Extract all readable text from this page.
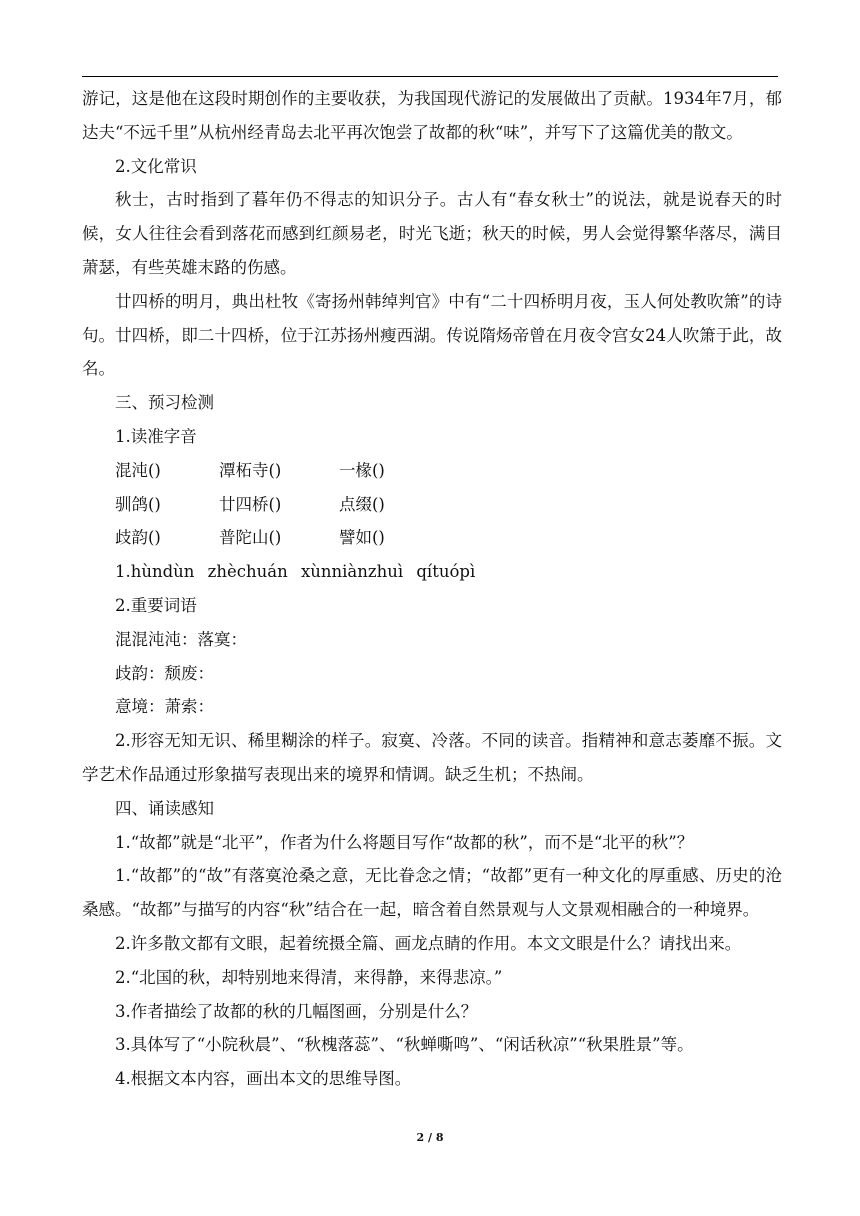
游记，这是他在这段时期创作的主要收获，为我国现代游记的发展做出了贡献。1934年7月，郁达夫“不远千里”从杭州经青岛去北平再次饱尝了故都的秋“味”，并写下了这篇优美的散文。

2.文化常识

秋士，古时指到了暮年仍不得志的知识分子。古人有“春女秋士”的说法，就是说春天的时候，女人往往会看到落花而感到红颜易老，时光飞逝；秋天的时候，男人会觉得繁华落尽，满目萧瑟，有些英雄末路的伤感。

廿四桥的明月，典出杜牧《寄扬州韩绰判官》中有“二十四桥明月夜，玉人何处教吹箫”的诗句。廿四桥，即二十四桥，位于江苏扬州瘦西湖。传说隋炀帝曾在月夜令宫女24人吹箫于此，故名。

三、预习检测

1.读准字音

混沌()	潭柘寺()	一椽()
驯鸽()	廿四桥()	点缀()
歧韵()	普陀山()	譬如()

1.hùndùn zhèchuán xùnniànzhuì qítuópì

2.重要词语

混混沌沌：落寞：

歧韵：颓废：

意境：萧索：

2.形容无知无识、稀里糊涂的样子。寂寞、冷落。不同的读音。指精神和意志萎靡不振。文学艺术作品通过形象描写表现出来的境界和情调。缺乏生机；不热闹。

四、诵读感知

1.“故都”就是“北平”，作者为什么将题目写作“故都的秋”，而不是“北平的秋”？

1.“故都”的“故”有落寞沧桑之意，无比眷念之情；“故都”更有一种文化的厚重感、历史的沧桑感。“故都”与描写的内容“秋”结合在一起，暗含着自然景观与人文景观相融合的一种境界。

2.许多散文都有文眼，起着统摄全篇、画龙点睛的作用。本文文眼是什么？请找出来。

2.“北国的秋，却特别地来得清，来得静，来得悲凉。”

3.作者描绘了故都的秋的几幅图画，分别是什么？

3.具体写了“小院秋晨”、“秋槐落蕊”、“秋蝉嘶鸣”、“闲话秋凉”“秋果胜景”等。

4.根据文本内容，画出本文的思维导图。

2 / 8
